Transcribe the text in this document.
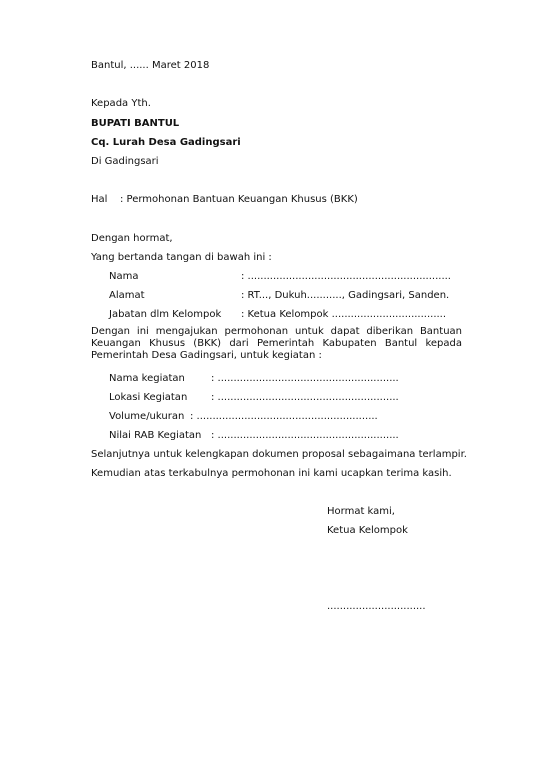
Bantul, ...... Maret 2018
Kepada Yth.
BUPATI BANTUL
Cq. Lurah Desa Gadingsari
Di Gadingsari
Hal : Permohonan Bantuan Keuangan Khusus (BKK)
Dengan hormat,
Yang bertanda tangan di bawah ini :
Nama	: ................................................................
Alamat	: RT..., Dukuh..........., Gadingsari, Sanden.
Jabatan dlm Kelompok : Ketua Kelompok ....................................
Dengan ini mengajukan permohonan untuk dapat diberikan Bantuan Keuangan Khusus (BKK) dari Pemerintah Kabupaten Bantul kepada Pemerintah Desa Gadingsari, untuk kegiatan :
Nama kegiatan	: .........................................................
Lokasi Kegiatan : .........................................................
Volume/ukuran : .........................................................
Nilai RAB Kegiatan : .........................................................
Selanjutnya untuk kelengkapan dokumen proposal sebagaimana terlampir.
Kemudian atas terkabulnya permohonan ini kami ucapkan terima kasih.
Hormat kami,
Ketua Kelompok
...............................
